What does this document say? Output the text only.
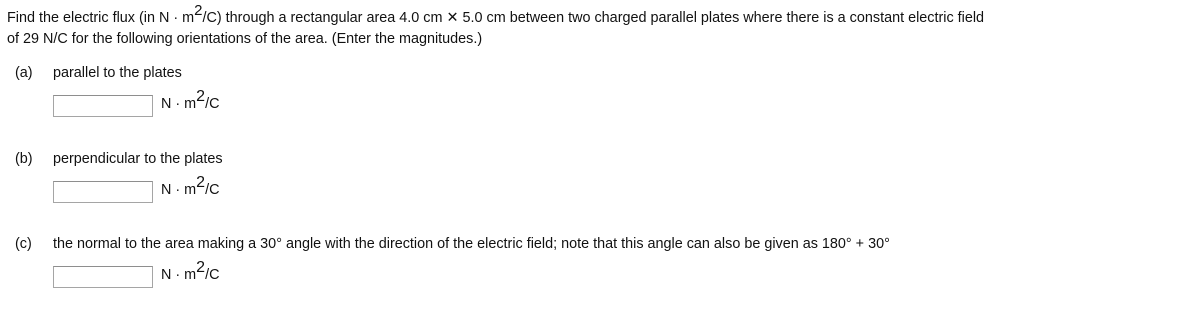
Find the electric flux (in $N \cdot m^2/C$) through a rectangular area 4.0 cm ✕ 5.0 cm between two charged parallel plates where there is a constant electric field
of 29 N/C for the following orientations of the area. (Enter the magnitudes.)
(a) parallel to the plates
$N \cdot m^2/C$
(b) perpendicular to the plates
$N \cdot m^2/C$
(c) the normal to the area making a 30° angle with the direction of the electric field; note that this angle can also be given as 180° + 30°
$N \cdot m^2/C$
